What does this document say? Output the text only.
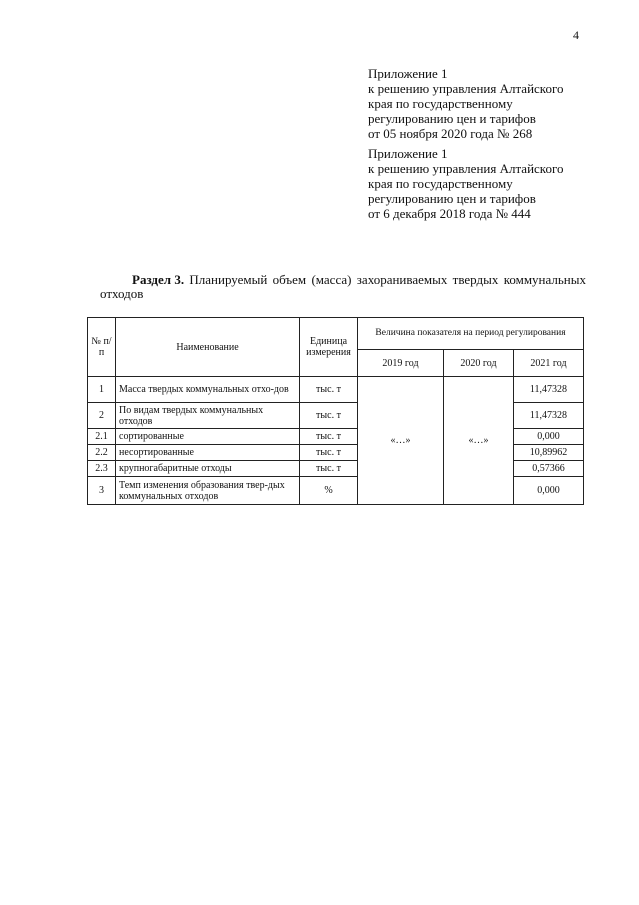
4
Приложение 1
к решению управления Алтайского
края по государственному
регулированию цен и тарифов
от 05 ноября 2020 года № 268
Приложение 1
к решению управления Алтайского
края по государственному
регулированию цен и тарифов
от 6 декабря 2018 года № 444
Раздел 3. Планируемый объем (масса) захораниваемых твердых коммунальных
отходов
№ п/п	Наименование	Единица измерения	Величина показателя на период регулирования		
			2019 год	2020 год	2021 год
1	Масса твердых коммунальных отхо-дов	тыс. т	«…»	«…»	11,47328
2	По видам твердых коммунальных отходов	тыс. т			11,47328
2.1	сортированные	тыс. т			0,000
2.2	несортированные	тыс. т			10,89962
2.3	крупногабаритные отходы	тыс. т			0,57366
3	Темп изменения образования твер-дых коммунальных отходов	%			0,000
